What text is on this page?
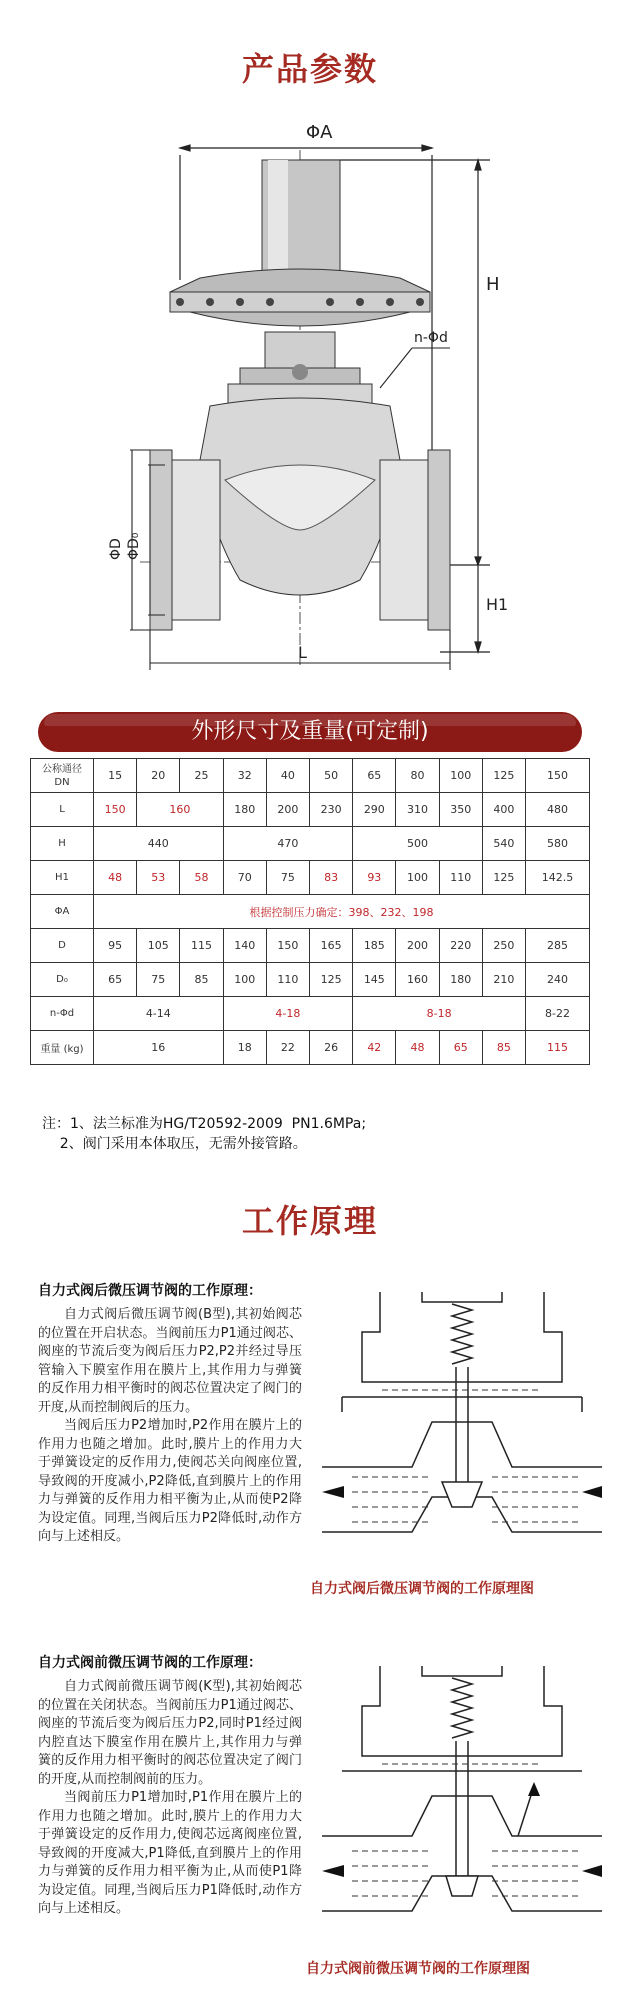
产品参数
ΦA
H
H1
L
ΦD ΦD₀
n-Φd
外形尺寸及重量(可定制)
公称通径
DN	15	20	25	32	40	50	65	80	100	125	150
L	150	160		180	200	230	290	310	350	400	480
H	440			470			500			540	580
H1	48	53	58	70	75	83	93	100	110	125	142.5
ΦA	根据控制压力确定：398、232、198										
D	95	105	115	140	150	165	185	200	220	250	285
D₀	65	75	85	100	110	125	145	160	180	210	240
n-Φd	4-14			4-18			8-18				8-22
重量 (kg)	16			18	22	26	42	48	65	85	115
注：1、法兰标准为HG/T20592-2009  PN1.6MPa;
2、阀门采用本体取压，无需外接管路。
工作原理
自力式阀后微压调节阀的工作原理：

自力式阀后微压调节阀(B型),其初始阀芯的位置在开启状态。当阀前压力P1通过阀芯、阀座的节流后变为阀后压力P2,P2并经过导压管输入下膜室作用在膜片上,其作用力与弹簧的反作用力相平衡时的阀芯位置决定了阀门的开度,从而控制阀后的压力。

当阀后压力P2增加时,P2作用在膜片上的作用力也随之增加。此时,膜片上的作用力大于弹簧设定的反作用力,使阀芯关向阀座位置,导致阀的开度减小,P2降低,直到膜片上的作用力与弹簧的反作用力相平衡为止,从而使P2降为设定值。同理,当阀后压力P2降低时,动作方向与上述相反。

自力式阀后微压调节阀的工作原理图
自力式阀前微压调节阀的工作原理：

自力式阀前微压调节阀(K型),其初始阀芯的位置在关闭状态。当阀前压力P1通过阀芯、阀座的节流后变为阀后压力P2,同时P1经过阀内腔直达下膜室作用在膜片上,其作用力与弹簧的反作用力相平衡时的阀芯位置决定了阀门的开度,从而控制阀前的压力。

当阀前压力P1增加时,P1作用在膜片上的作用力也随之增加。此时,膜片上的作用力大于弹簧设定的反作用力,使阀芯远离阀座位置,导致阀的开度减大,P1降低,直到膜片上的作用力与弹簧的反作用力相平衡为止,从而使P1降为设定值。同理,当阀后压力P1降低时,动作方向与上述相反。

自力式阀前微压调节阀的工作原理图
